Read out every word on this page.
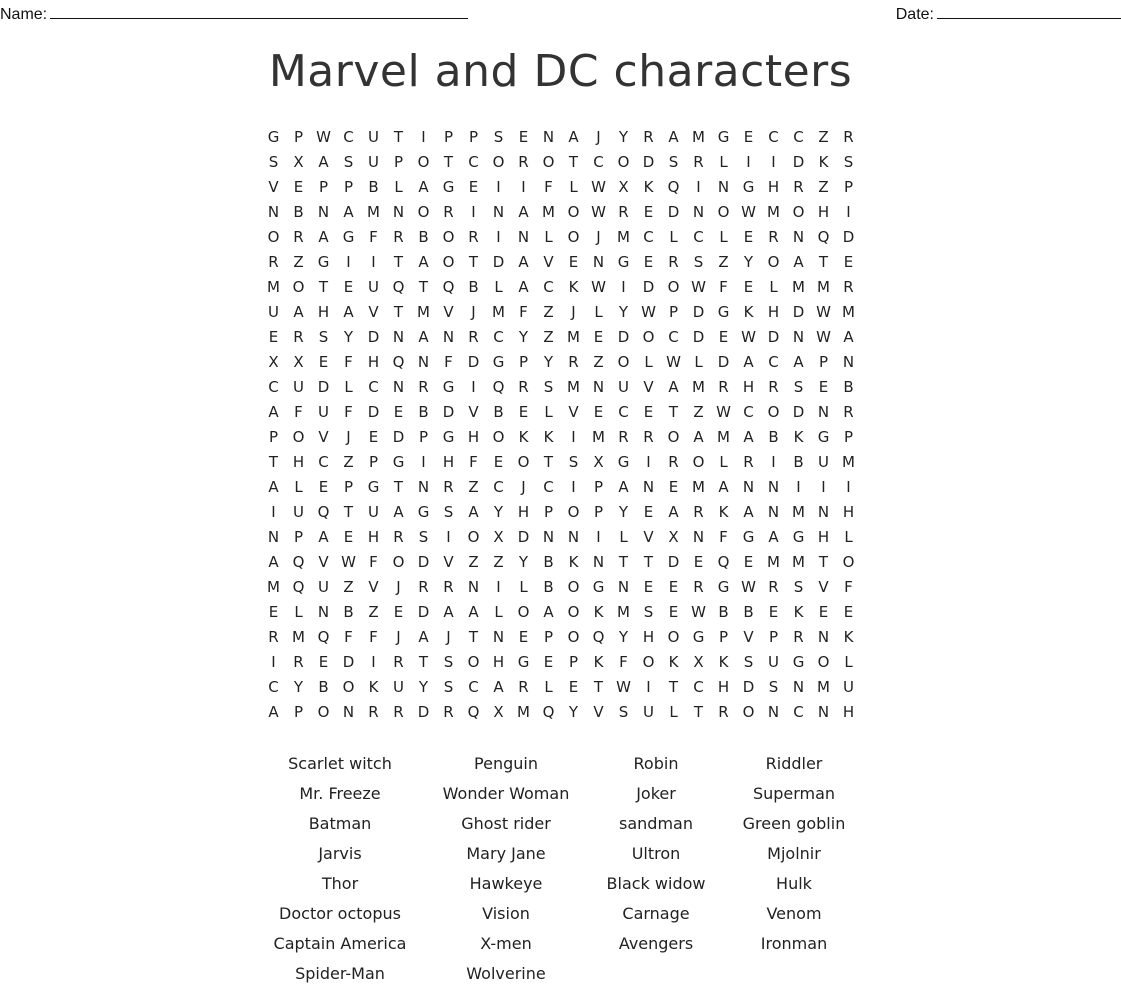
Name:	Date:
Marvel and DC characters
G P W C U T	I	P	P	S	E N A	J	Y	R A M G E	C C Z R
S	X A	S U P O T	C O R O T	C O D S	R	L	I	I	D K	S
V	E	P	P	B	L	A G E	I	I	F	L W X K Q	I	N G H R Z	P
N B N A M N O R	I	N A M O W R	E D N O W M O H	I
O R A G F	R B O R	I	N	L O	J	M C	L	C	L	E	R N Q D
R Z G	I	I	T	A O T D A V	E N G E	R	S	Z	Y O A	T	E
M O T	E U Q T Q B	L	A C K W	I	D O W F	E	L M M R
U A H A V	T M V	J	M F	Z	J	L	Y W P D G K H D W M
E	R	S	Y D N A N R C	Y	Z M E D O C D E W D N W A
X X	E	F	H Q N	F D G P	Y	R Z O L W L	D A C A	P N
C U D	L	C N R G	I	Q R	S M N U V A M R H R	S	E	B
A	F	U	F D E	B D V B	E	L	V	E	C	E	T	Z W C O D N R
P O V	J	E D P G H O K	K	I	M R R O A M A B K G P
T H C Z	P G	I	H	F	E O T	S	X G	I	R O L	R	I	B U M
A	L	E	P G T N R Z C	J	C	I	P	A N E M A N N	I	I	I
I	U Q T U A G S	A	Y H P O P	Y	E	A R K A N M N H
N P	A	E H R	S	I	O X D N N	I	L	V X N	F G A G H	L
A Q V W F O D V Z Z	Y	B K N T	T D E Q E M M T O
M Q U Z V	J	R R N	I	L	B O G N E	E	R G W R	S	V	F
E	L	N B Z	E D A A	L O A O K M S	E W B B	E	K	E	E
R M Q F	F	J	A	J	T N E	P O Q Y H O G P	V	P	R N K
I	R	E D	I	R	T	S O H G E	P	K	F O K X K	S U G O L
C	Y	B O K U Y	S C A R	L	E	T W	I	T	C H D S N M U
A	P O N R R D R Q X M Q Y	V	S U	L	T	R O N C N H
Scarlet witch
Mr. Freeze
Batman
Jarvis
Thor
Doctor octopus
Captain America
Spider-Man
Penguin
Wonder Woman
Ghost rider
Mary Jane
Hawkeye
Vision
X-men
Wolverine
Robin
Joker
sandman
Ultron
Black widow
Carnage
Avengers
Riddler
Superman
Green goblin
Mjolnir
Hulk
Venom
Ironman
